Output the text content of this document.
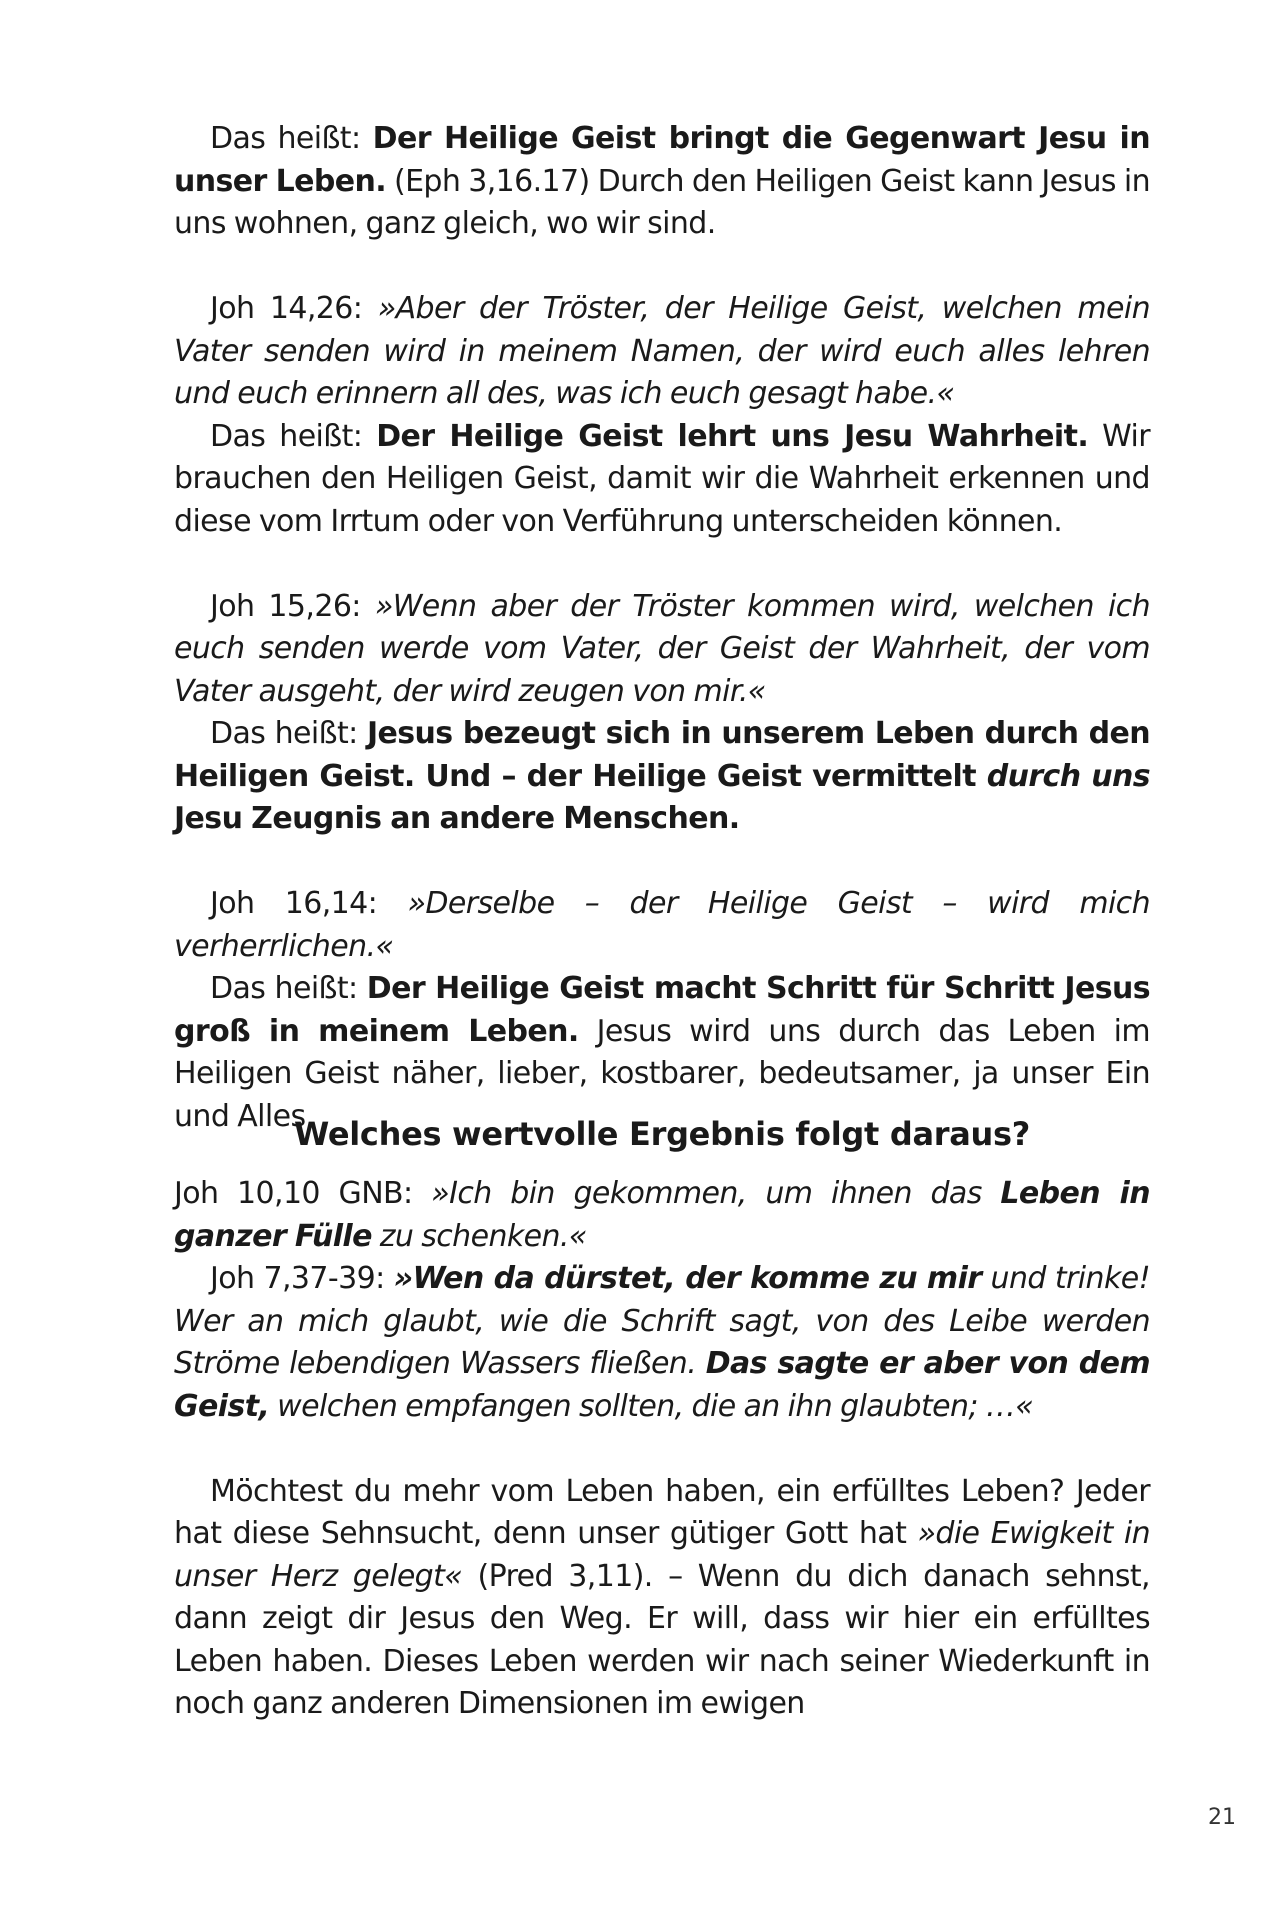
Das heißt: Der Heilige Geist bringt die Gegenwart Jesu in unser Leben. (Eph 3,16.17) Durch den Heiligen Geist kann Jesus in uns wohnen, ganz gleich, wo wir sind.

Joh 14,26: »Aber der Tröster, der Heilige Geist, welchen mein Vater senden wird in meinem Namen, der wird euch alles lehren und euch erinnern all des, was ich euch gesagt habe.«

Das heißt: Der Heilige Geist lehrt uns Jesu Wahrheit. Wir brauchen den Heiligen Geist, damit wir die Wahrheit erkennen und diese vom Irrtum oder von Verführung unterscheiden können.

Joh 15,26: »Wenn aber der Tröster kommen wird, welchen ich euch senden werde vom Vater, der Geist der Wahrheit, der vom Vater ausgeht, der wird zeugen von mir.«

Das heißt: Jesus bezeugt sich in unserem Leben durch den Heiligen Geist. Und – der Heilige Geist vermittelt durch uns Jesu Zeugnis an andere Menschen.

Joh 16,14: »Derselbe – der Heilige Geist – wird mich verherrlichen.«

Das heißt: Der Heilige Geist macht Schritt für Schritt Jesus groß in meinem Leben. Jesus wird uns durch das Leben im Heiligen Geist näher, lieber, kostbarer, bedeutsamer, ja unser Ein und Alles.

Welches wertvolle Ergebnis folgt daraus?

Joh 10,10 GNB: »Ich bin gekommen, um ihnen das Leben in ganzer Fülle zu schenken.«

Joh 7,37-39: »Wen da dürstet, der komme zu mir und trinke! Wer an mich glaubt, wie die Schrift sagt, von des Leibe werden Ströme lebendigen Wassers fließen. Das sagte er aber von dem Geist, welchen empfangen sollten, die an ihn glaubten; …«

Möchtest du mehr vom Leben haben, ein erfülltes Leben? Jeder hat diese Sehnsucht, denn unser gütiger Gott hat »die Ewigkeit in unser Herz gelegt« (Pred 3,11). – Wenn du dich danach sehnst, dann zeigt dir Jesus den Weg. Er will, dass wir hier ein erfülltes Leben haben. Dieses Leben werden wir nach seiner Wiederkunft in noch ganz anderen Dimensionen im ewigen

21
